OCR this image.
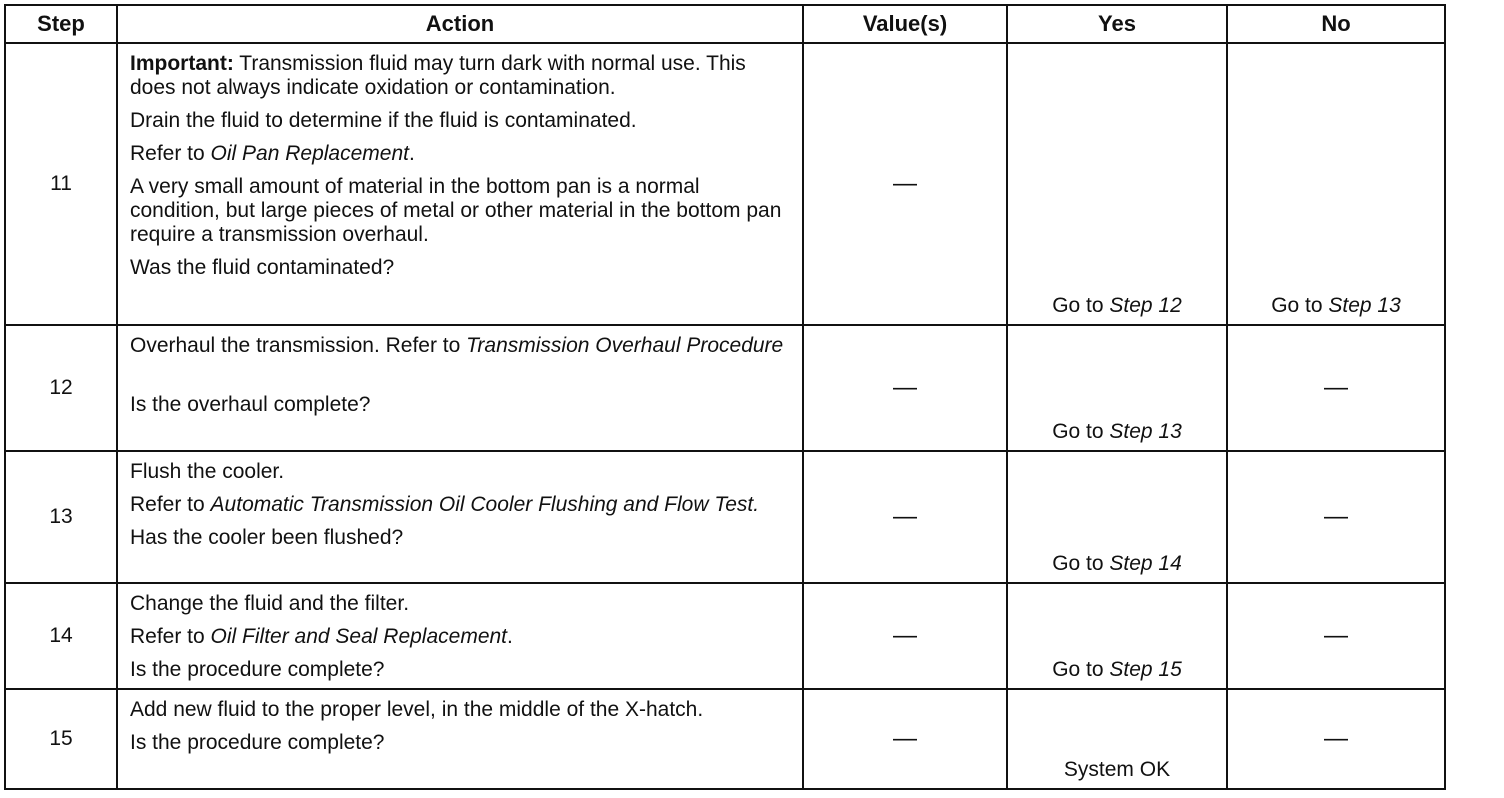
Step	Action	Value(s)	Yes	No
11	Important: Transmission fluid may turn dark with normal use. This does not always indicate oxidation or contamination.

Drain the fluid to determine if the fluid is contaminated.

Refer to Oil Pan Replacement.

A very small amount of material in the bottom pan is a normal condition, but large pieces of metal or other material in the bottom pan require a transmission overhaul.

Was the fluid contaminated?	—	Go to Step 12	Go to Step 13
12	Overhaul the transmission. Refer to Transmission Overhaul Procedure

Is the overhaul complete?	—	Go to Step 13	—
13	Flush the cooler.

Refer to Automatic Transmission Oil Cooler Flushing and Flow Test.

Has the cooler been flushed?	—	Go to Step 14	—
14	Change the fluid and the filter.

Refer to Oil Filter and Seal Replacement.

Is the procedure complete?	—	Go to Step 15	—
15	Add new fluid to the proper level, in the middle of the X-hatch.

Is the procedure complete?	—	System OK	—
